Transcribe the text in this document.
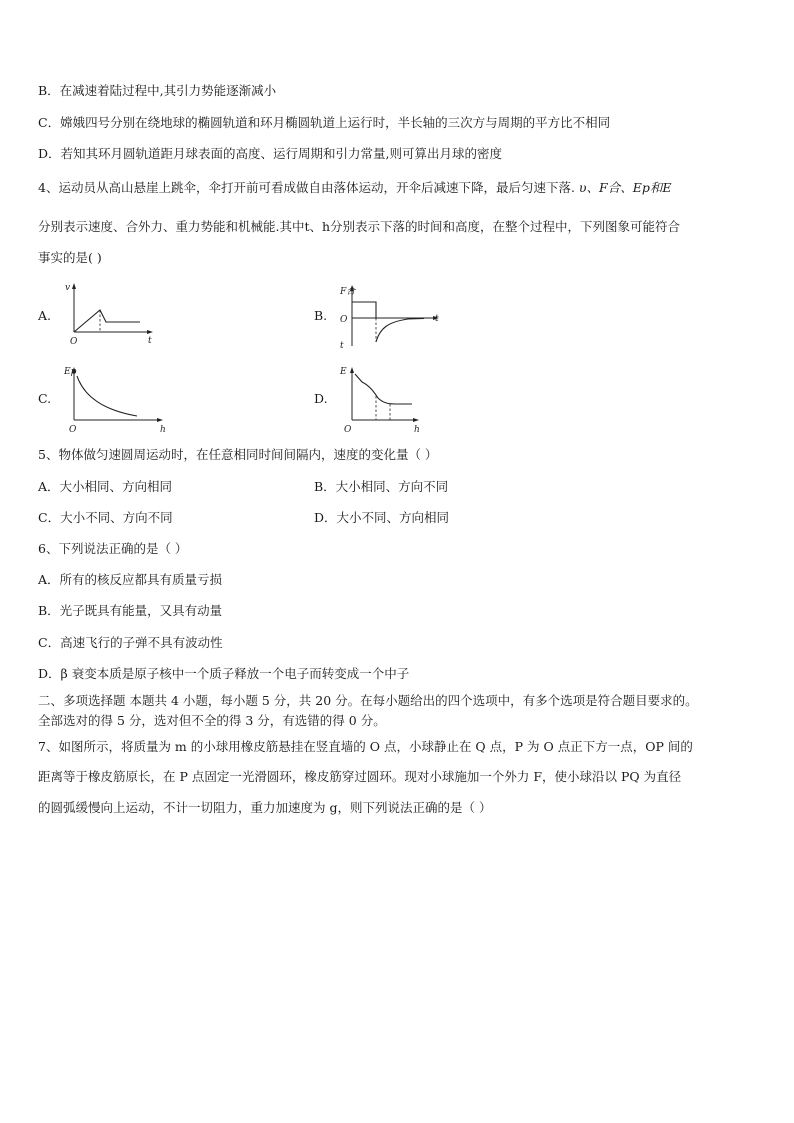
B．在减速着陆过程中,其引力势能逐渐减小
C．嫦娥四号分别在绕地球的椭圆轨道和环月椭圆轨道上运行时，半长轴的三次方与周期的平方比不相同
D．若知其环月圆轨道距月球表面的高度、运行周期和引力常量,则可算出月球的密度
4、运动员从高山悬崖上跳伞，伞打开前可看成做自由落体运动，开伞后减速下降，最后匀速下落. υ、F合、Ep和E
分别表示速度、合外力、重力势能和机械能.其中t、h分别表示下落的时间和高度，在整个过程中，下列图象可能符合
事实的是( )
A.	B.
C.	D.
v
O	t
F合
O	t
t
Ep
O	h
E
O	h
5、物体做匀速圆周运动时，在任意相同时间间隔内，速度的变化量（ ）
A．大小相同、方向相同	B．大小相同、方向不同
C．大小不同、方向不同	D．大小不同、方向相同
6、下列说法正确的是（ ）
A．所有的核反应都具有质量亏损
B．光子既具有能量，又具有动量
C．高速飞行的子弹不具有波动性
D．β 衰变本质是原子核中一个质子释放一个电子而转变成一个中子
二、多项选择题 本题共 4 小题，每小题 5 分，共 20 分。在每小题给出的四个选项中，有多个选项是符合题目要求的。
全部选对的得 5 分，选对但不全的得 3 分，有选错的得 0 分。
7、如图所示，将质量为 m 的小球用橡皮筋悬挂在竖直墙的 O 点，小球静止在 Q 点，P 为 O 点正下方一点，OP 间的
距离等于橡皮筋原长，在 P 点固定一光滑圆环，橡皮筋穿过圆环。现对小球施加一个外力 F，使小球沿以 PQ 为直径
的圆弧缓慢向上运动，不计一切阻力，重力加速度为 g，则下列说法正确的是（ ）
